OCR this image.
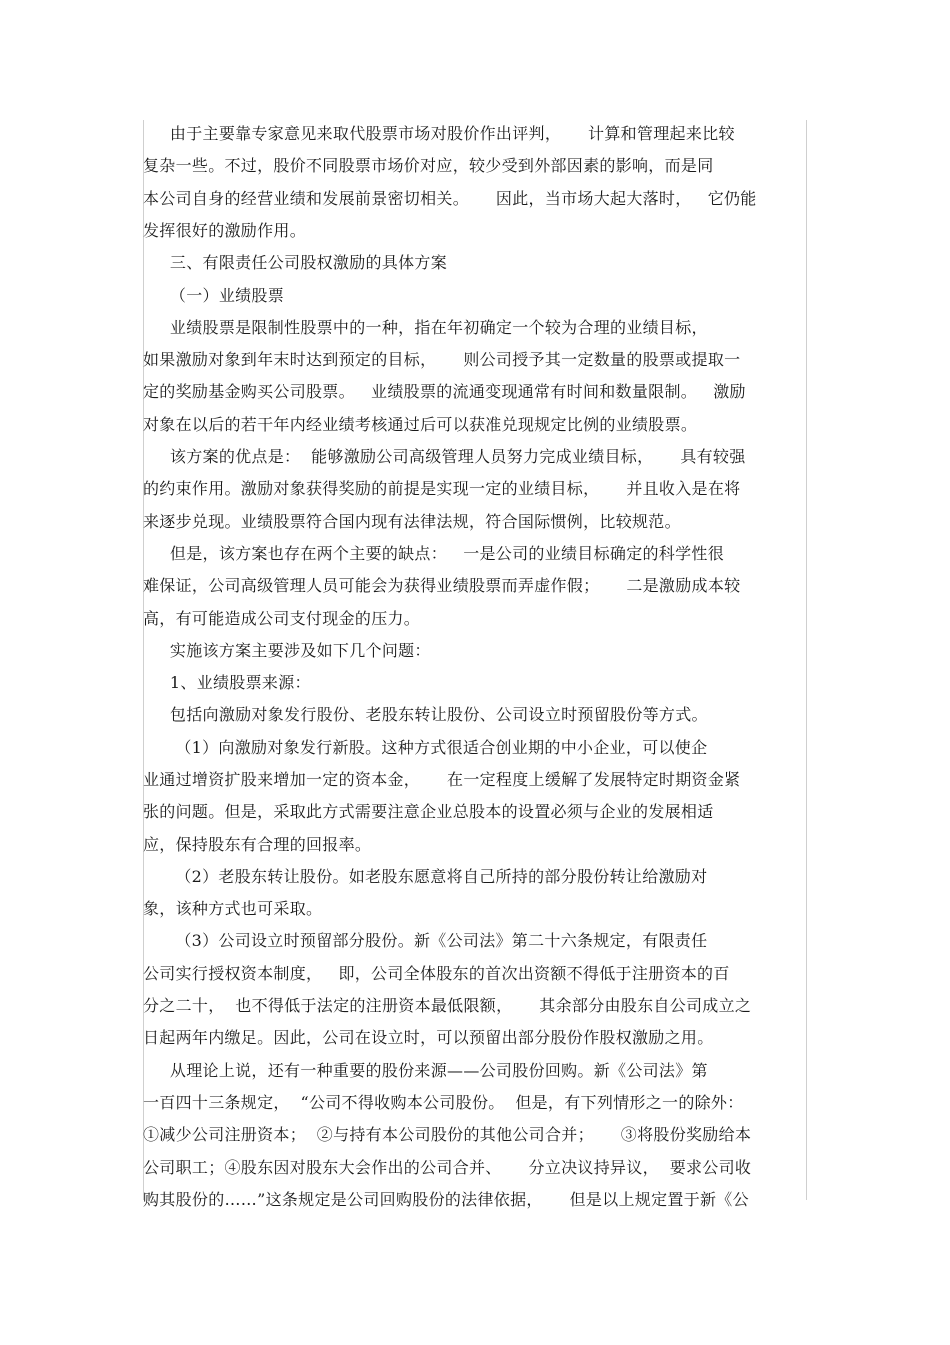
由于主要靠专家意见来取代股票市场对股价作出评判，     计算和管理起来比较
复杂一些。不过，股价不同股票市场价对应，较少受到外部因素的影响，而是同
本公司自身的经营业绩和发展前景密切相关。     因此，当市场大起大落时，   它仍能
发挥很好的激励作用。
三、有限责任公司股权激励的具体方案
（一）业绩股票
业绩股票是限制性股票中的一种，指在年初确定一个较为合理的业绩目标，
如果激励对象到年末时达到预定的目标，     则公司授予其一定数量的股票或提取一
定的奖励基金购买公司股票。   业绩股票的流通变现通常有时间和数量限制。   激励
对象在以后的若干年内经业绩考核通过后可以获准兑现规定比例的业绩股票。
该方案的优点是：  能够激励公司高级管理人员努力完成业绩目标，     具有较强
的约束作用。激励对象获得奖励的前提是实现一定的业绩目标，     并且收入是在将
来逐步兑现。业绩股票符合国内现有法律法规，符合国际惯例，比较规范。
但是，该方案也存在两个主要的缺点：   一是公司的业绩目标确定的科学性很
难保证，公司高级管理人员可能会为获得业绩股票而弄虚作假；     二是激励成本较
高，有可能造成公司支付现金的压力。
实施该方案主要涉及如下几个问题：
1、业绩股票来源：
包括向激励对象发行股份、老股东转让股份、公司设立时预留股份等方式。
（1）向激励对象发行新股。这种方式很适合创业期的中小企业，可以使企
业通过增资扩股来增加一定的资本金，     在一定程度上缓解了发展特定时期资金紧
张的问题。但是，采取此方式需要注意企业总股本的设置必须与企业的发展相适
应，保持股东有合理的回报率。
（2）老股东转让股份。如老股东愿意将自己所持的部分股份转让给激励对
象，该种方式也可采取。
（3）公司设立时预留部分股份。新《公司法》第二十六条规定，有限责任
公司实行授权资本制度，   即，公司全体股东的首次出资额不得低于注册资本的百
分之二十，  也不得低于法定的注册资本最低限额，     其余部分由股东自公司成立之
日起两年内缴足。因此，公司在设立时，可以预留出部分股份作股权激励之用。
从理论上说，还有一种重要的股份来源——公司股份回购。新《公司法》第
一百四十三条规定，  “公司不得收购本公司股份。  但是，有下列情形之一的除外：
①减少公司注册资本；  ②与持有本公司股份的其他公司合并；     ③将股份奖励给本
公司职工；④股东因对股东大会作出的公司合并、     分立决议持异议，  要求公司收
购其股份的……”这条规定是公司回购股份的法律依据，     但是以上规定置于新《公
